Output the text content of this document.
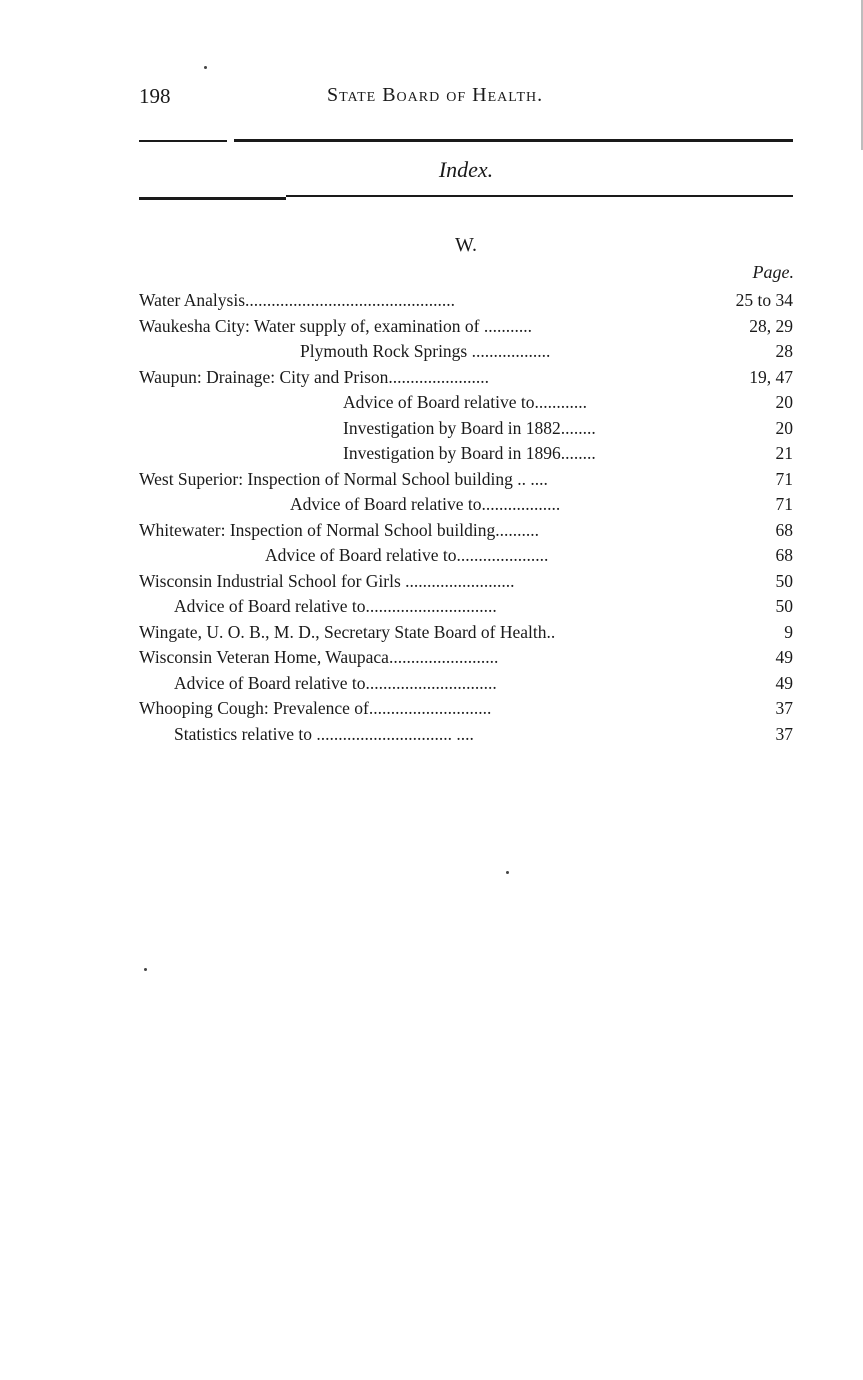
198	State Board of Health.
Index.
W.
Page.
Water Analysis................................................	25 to 34
Waukesha City: Water supply of, examination of ...........	28, 29
Plymouth Rock Springs ..................	28
Waupun: Drainage: City and Prison.......................	19, 47
Advice of Board relative to............	20
Investigation by Board in 1882........	20
Investigation by Board in 1896........	21
West Superior: Inspection of Normal School building .. ....	71
Advice of Board relative to..................	71
Whitewater: Inspection of Normal School building..........	68
Advice of Board relative to.....................	68
Wisconsin Industrial School for Girls .........................	50
Advice of Board relative to..............................	50
Wingate, U. O. B., M. D., Secretary State Board of Health..	9
Wisconsin Veteran Home, Waupaca.........................	49
Advice of Board relative to..............................	49
Whooping Cough: Prevalence of............................	37
Statistics relative to ............................... ....	37
